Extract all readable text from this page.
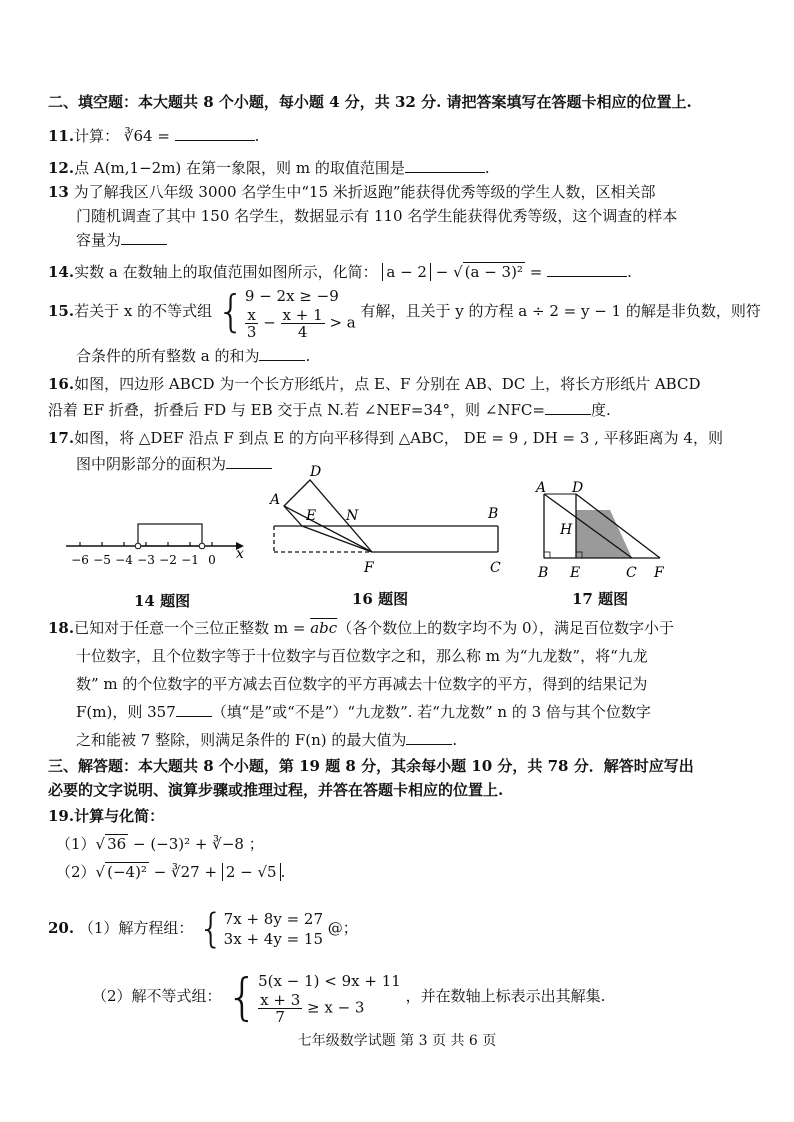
二、填空题：本大题共 8 个小题，每小题 4 分，共 32 分. 请把答案填写在答题卡相应的位置上.
11.计算： ∛64 =	.
12.点 A(m,1−2m) 在第一象限，则 m 的取值范围是	.
13 为了解我区八年级 3000 名学生中“15 米折返跑”能获得优秀等级的学生人数，区相关部
门随机调查了其中 150 名学生，数据显示有 110 名学生能获得优秀等级，这个调查的样本
容量为
14.实数 a 在数轴上的取值范围如图所示，化简： a − 2 − √ (a − 3)² =	.
15.若关于 x 的不等式组 { 9 − 2x ≥ −9
$\frac{x}{3} - \frac{x + 1}{4} > a$
有解，且关于 y 的方程 a ÷ 2 = y − 1 的解是非负数，则符
合条件的所有整数 a 的和为	.
16.如图，四边形 ABCD 为一个长方形纸片，点 E、F 分别在 AB、DC 上，将长方形纸片 ABCD
沿着 EF 折叠，折叠后 FD 与 EB 交于点 N.若 ∠NEF=34°，则 ∠NFC=	度.
17.如图，将 △DEF 沿点 F 到点 E 的方向平移得到 △ABC， DE = 9 , DH = 3 , 平移距离为 4，则
图中阴影部分的面积为
−6 −5 −4 −3 −2 −1 0 x
A
D
E N	B
F	C
A D
H
B E	C F
14 题图	16 题图	17 题图
18.已知对于任意一个三位正整数 $m = \overline{abc}$（各个数位上的数字均不为 0），满足百位数字小于
十位数字，且个位数字等于十位数字与百位数字之和，那么称 m 为“九龙数”，将“九龙
数” m 的个位数字的平方减去百位数字的平方再减去十位数字的平方，得到的结果记为
F(m)，则 357 （填“是”或“不是”）“九龙数”. 若“九龙数” n 的 3 倍与其个位数字
之和能被 7 整除，则满足条件的 F(n) 的最大值为	.
三、解答题：本大题共 8 个小题，第 19 题 8 分，其余每小题 10 分，共 78 分．解答时应写出
必要的文字说明、演算步骤或推理过程，并答在答题卡相应的位置上.
19.计算与化简：
（1）√ 36 − (−3)² + ∛−8 ；
（2）√ (−4)² − ∛27 + 2 − √5 .
20. （1）解方程组： { 7x + 8y = 27
3x + 4y = 15
@；
（2）解不等式组： { 5(x − 1) < 9x + 11
$\frac{x + 3}{7} \ge x - 3$
，并在数轴上标表示出其解集.
七年级数学试题 第 3 页 共 6 页
